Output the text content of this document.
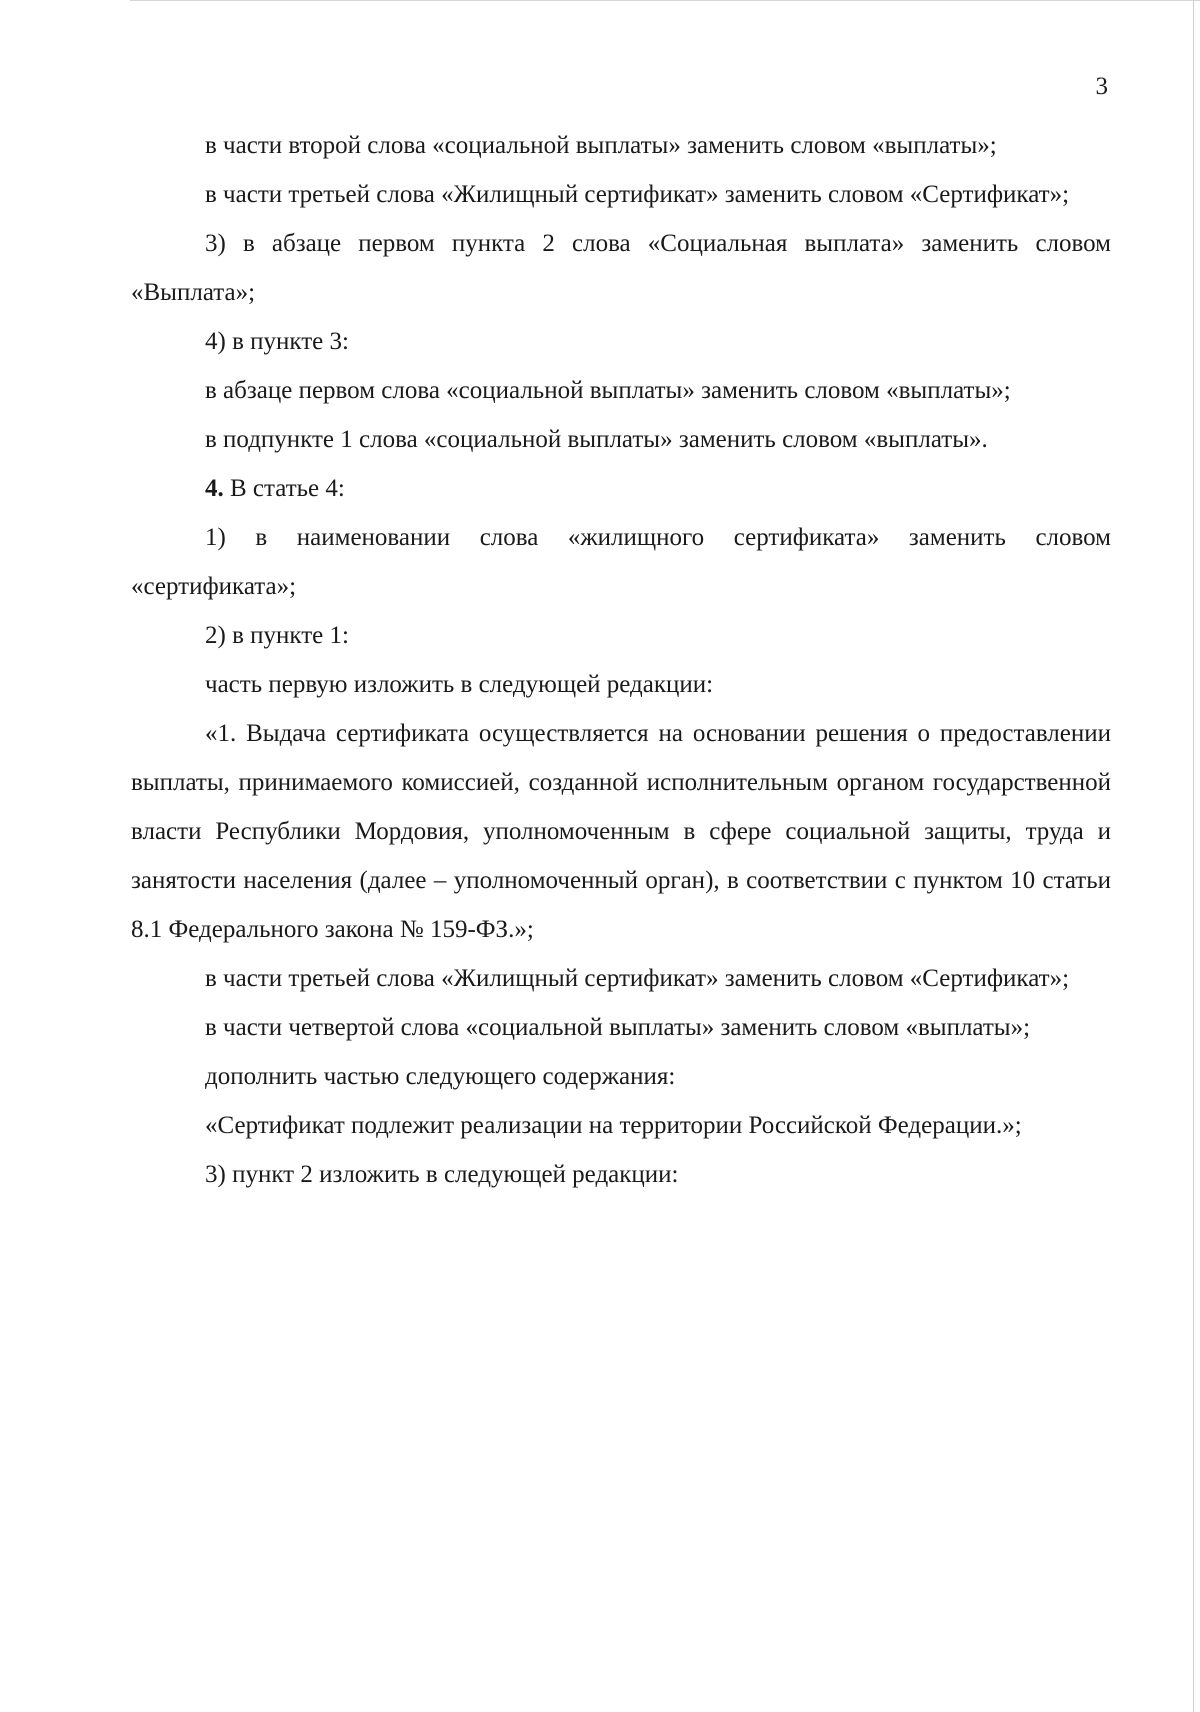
3

в части второй слова «социальной выплаты» заменить словом «выплаты»;

в части третьей слова «Жилищный сертификат» заменить словом «Сертификат»;

3) в абзаце первом пункта 2 слова «Социальная выплата» заменить словом «Выплата»;

4) в пункте 3:

в абзаце первом слова «социальной выплаты» заменить словом «выплаты»;

в подпункте 1 слова «социальной выплаты» заменить словом «выплаты».

4. В статье 4:

1) в наименовании слова «жилищного сертификата» заменить словом «сертификата»;

2) в пункте 1:

часть первую изложить в следующей редакции:

«1. Выдача сертификата осуществляется на основании решения о предоставлении выплаты, принимаемого комиссией, созданной исполнительным органом государственной власти Республики Мордовия, уполномоченным в сфере социальной защиты, труда и занятости населения (далее – уполномоченный орган), в соответствии с пунктом 10 статьи 8.1 Федерального закона № 159-ФЗ.»;

в части третьей слова «Жилищный сертификат» заменить словом «Сертификат»;

в части четвертой слова «социальной выплаты» заменить словом «выплаты»;

дополнить частью следующего содержания:

«Сертификат подлежит реализации на территории Российской Федерации.»;

3) пункт 2 изложить в следующей редакции:
